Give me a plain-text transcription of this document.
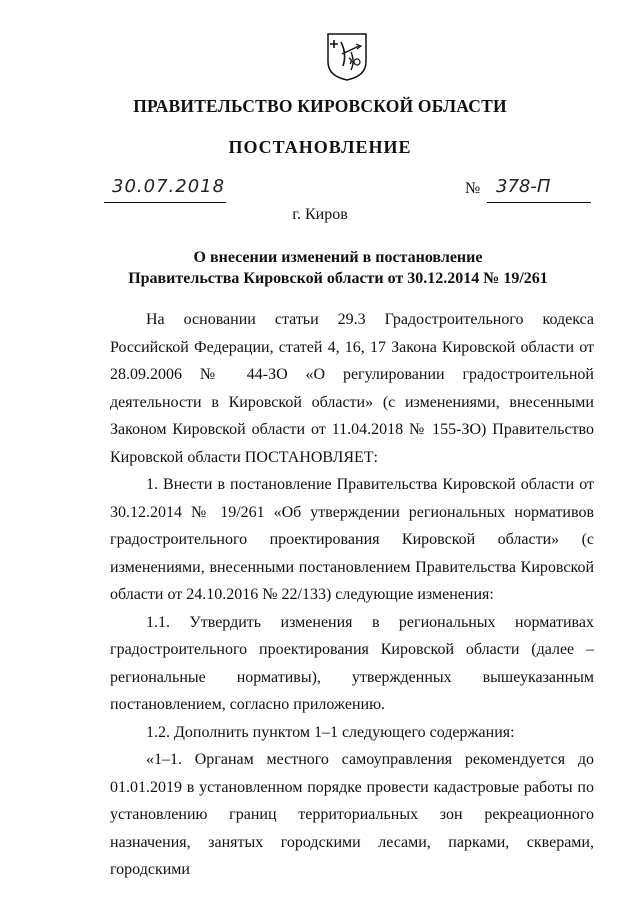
ПРАВИТЕЛЬСТВО КИРОВСКОЙ ОБЛАСТИ
ПОСТАНОВЛЕНИЕ
30.07.2018	№ 378-П
г. Киров
О внесении изменений в постановление
Правительства Кировской области от 30.12.2014 № 19/261

На основании статьи 29.3 Градостроительного кодекса Российской Федерации, статей 4, 16, 17 Закона Кировской области от 28.09.2006 № 44-ЗО «О регулировании градостроительной деятельности в Кировской области» (с изменениями, внесенными Законом Кировской области от 11.04.2018 № 155-ЗО) Правительство Кировской области ПОСТАНОВЛЯЕТ:

1. Внести в постановление Правительства Кировской области от 30.12.2014 № 19/261 «Об утверждении региональных нормативов градостроительного проектирования Кировской области» (с изменениями, внесенными постановлением Правительства Кировской области от 24.10.2016 № 22/133) следующие изменения:

1.1. Утвердить изменения в региональных нормативах градостроительного проектирования Кировской области (далее – региональные нормативы), утвержденных вышеуказанным постановлением, согласно приложению.

1.2. Дополнить пунктом 1–1 следующего содержания:

«1–1. Органам местного самоуправления рекомендуется до 01.01.2019 в установленном порядке провести кадастровые работы по установлению границ территориальных зон рекреационного назначения, занятых городскими лесами, парками, скверами, городскими
